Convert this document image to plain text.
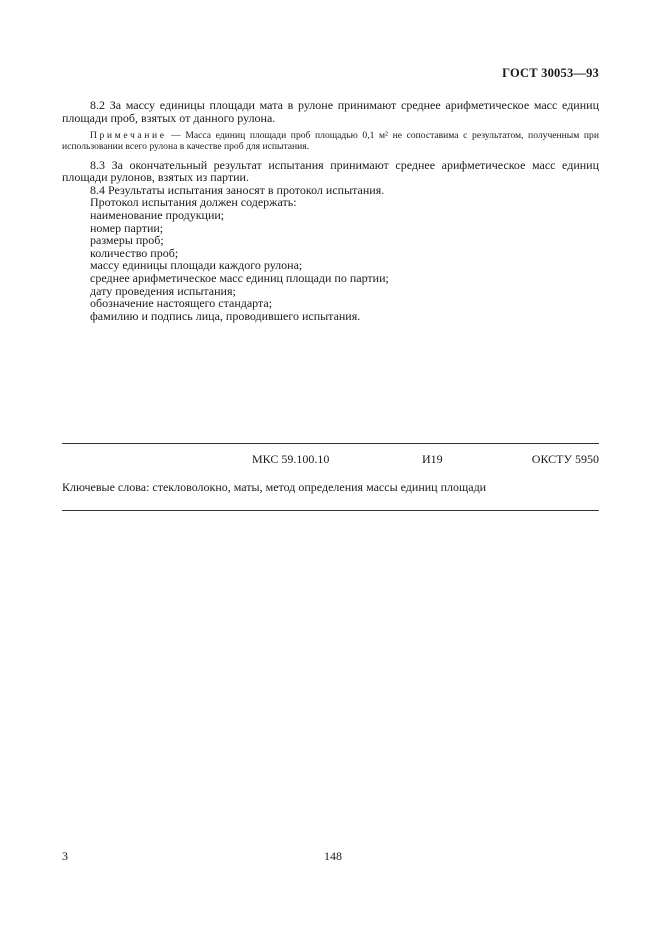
ГОСТ 30053—93

8.2 За массу единицы площади мата в рулоне принимают среднее арифметическое масс единиц площади проб, взятых от данного рулона.

Примечание — Масса единиц площади проб площадью 0,1 м² не сопоставима с результатом, полученным при использовании всего рулона в качестве проб для испытания.

8.3 За окончательный результат испытания принимают среднее арифметическое масс единиц площади рулонов, взятых из партии.

8.4 Результаты испытания заносят в протокол испытания.

Протокол испытания должен содержать:

наименование продукции;
номер партии;
размеры проб;
количество проб;
массу единицы площади каждого рулона;
среднее арифметическое масс единиц площади по партии;
дату проведения испытания;
обозначение настоящего стандарта;
фамилию и подпись лица, проводившего испытания.
МКС 59.100.10	И19	ОКСТУ 5950
Ключевые слова: стекловолокно, маты, метод определения массы единиц площади
3	148
